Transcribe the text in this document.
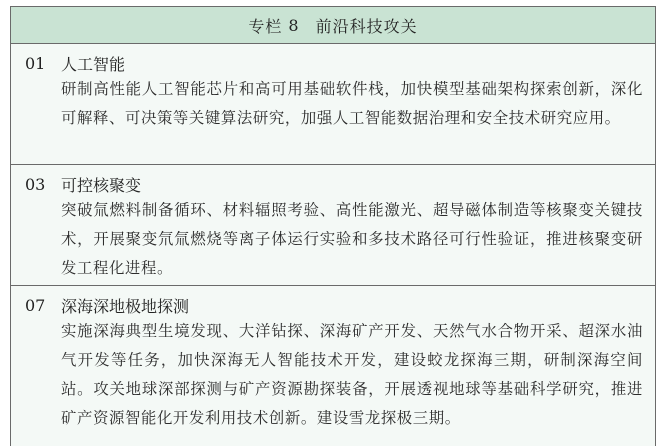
专栏 8 前沿科技攻关
01 人工智能
研制高性能人工智能芯片和高可用基础软件栈，加快模型基础架构探索创新，深化可解释、可决策等关键算法研究，加强人工智能数据治理和安全技术研究应用。
03 可控核聚变
突破氚燃料制备循环、材料辐照考验、高性能激光、超导磁体制造等核聚变关键技术，开展聚变氘氚燃烧等离子体运行实验和多技术路径可行性验证，推进核聚变研发工程化进程。
07 深海深地极地探测
实施深海典型生境发现、大洋钻探、深海矿产开发、天然气水合物开采、超深水油气开发等任务，加快深海无人智能技术开发，建设蛟龙探海三期，研制深海空间站。攻关地球深部探测与矿产资源勘探装备，开展透视地球等基础科学研究，推进矿产资源智能化开发利用技术创新。建设雪龙探极三期。
